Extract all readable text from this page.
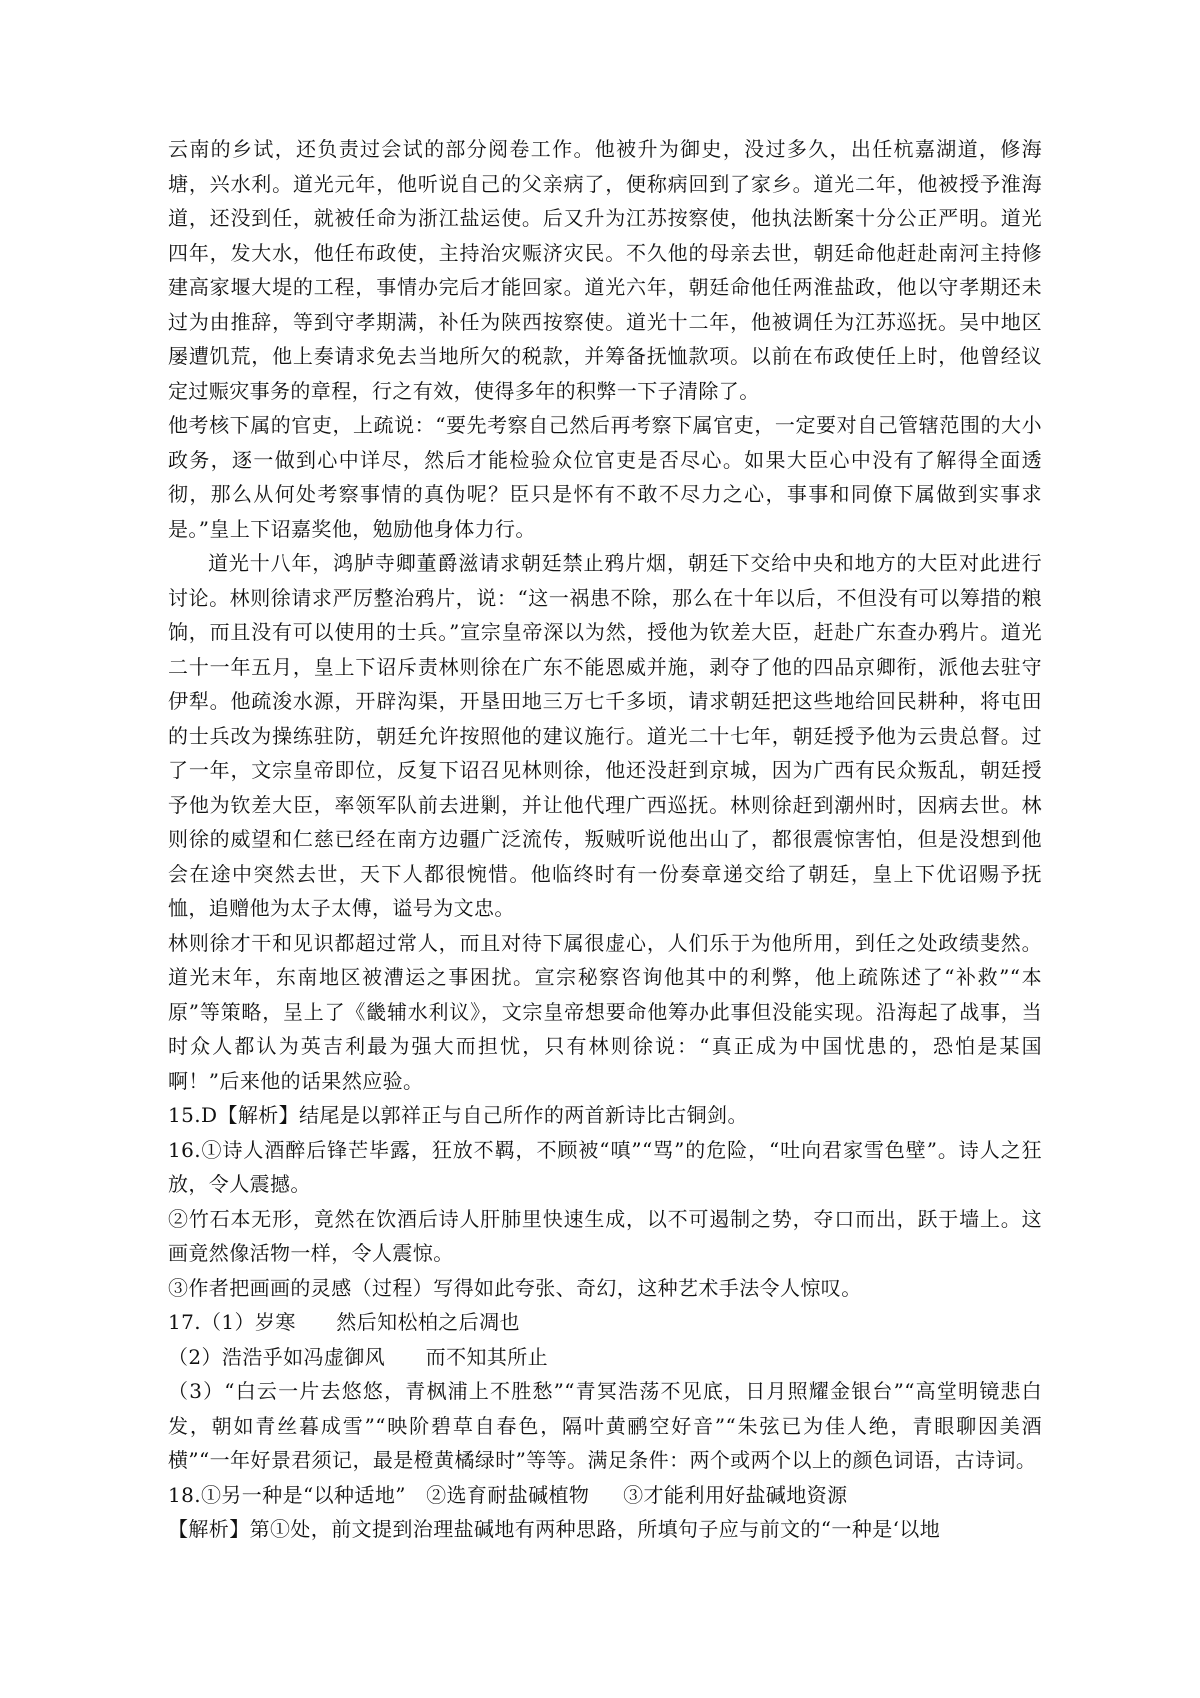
云南的乡试，还负责过会试的部分阅卷工作。他被升为御史，没过多久，出任杭嘉湖道，修海塘，兴水利。道光元年，他听说自己的父亲病了，便称病回到了家乡。道光二年，他被授予淮海道，还没到任，就被任命为浙江盐运使。后又升为江苏按察使，他执法断案十分公正严明。道光四年，发大水，他任布政使，主持治灾赈济灾民。不久他的母亲去世，朝廷命他赶赴南河主持修建高家堰大堤的工程，事情办完后才能回家。道光六年，朝廷命他任两淮盐政，他以守孝期还未过为由推辞，等到守孝期满，补任为陕西按察使。道光十二年，他被调任为江苏巡抚。吴中地区屡遭饥荒，他上奏请求免去当地所欠的税款，并筹备抚恤款项。以前在布政使任上时，他曾经议定过赈灾事务的章程，行之有效，使得多年的积弊一下子清除了。

他考核下属的官吏，上疏说：“要先考察自己然后再考察下属官吏，一定要对自己管辖范围的大小政务，逐一做到心中详尽，然后才能检验众位官吏是否尽心。如果大臣心中没有了解得全面透彻，那么从何处考察事情的真伪呢？臣只是怀有不敢不尽力之心，事事和同僚下属做到实事求是。”皇上下诏嘉奖他，勉励他身体力行。

道光十八年，鸿胪寺卿董爵滋请求朝廷禁止鸦片烟，朝廷下交给中央和地方的大臣对此进行讨论。林则徐请求严厉整治鸦片，说：“这一祸患不除，那么在十年以后，不但没有可以筹措的粮饷，而且没有可以使用的士兵。”宣宗皇帝深以为然，授他为钦差大臣，赶赴广东查办鸦片。道光二十一年五月，皇上下诏斥责林则徐在广东不能恩威并施，剥夺了他的四品京卿衔，派他去驻守伊犁。他疏浚水源，开辟沟渠，开垦田地三万七千多顷，请求朝廷把这些地给回民耕种，将屯田的士兵改为操练驻防，朝廷允许按照他的建议施行。道光二十七年，朝廷授予他为云贵总督。过了一年，文宗皇帝即位，反复下诏召见林则徐，他还没赶到京城，因为广西有民众叛乱，朝廷授予他为钦差大臣，率领军队前去进剿，并让他代理广西巡抚。林则徐赶到潮州时，因病去世。林则徐的威望和仁慈已经在南方边疆广泛流传，叛贼听说他出山了，都很震惊害怕，但是没想到他会在途中突然去世，天下人都很惋惜。他临终时有一份奏章递交给了朝廷，皇上下优诏赐予抚恤，追赠他为太子太傅，谥号为文忠。

林则徐才干和见识都超过常人，而且对待下属很虚心，人们乐于为他所用，到任之处政绩斐然。道光末年，东南地区被漕运之事困扰。宣宗秘察咨询他其中的利弊，他上疏陈述了“补救”“本原”等策略，呈上了《畿辅水利议》，文宗皇帝想要命他筹办此事但没能实现。沿海起了战事，当时众人都认为英吉利最为强大而担忧，只有林则徐说：“真正成为中国忧患的，恐怕是某国啊！”后来他的话果然应验。

15.D【解析】结尾是以郭祥正与自己所作的两首新诗比古铜剑。

16.①诗人酒醉后锋芒毕露，狂放不羁，不顾被“嗔”“骂”的危险，“吐向君家雪色壁”。诗人之狂放，令人震撼。

②竹石本无形，竟然在饮酒后诗人肝肺里快速生成，以不可遏制之势，夺口而出，跃于墙上。这画竟然像活物一样，令人震惊。

③作者把画画的灵感（过程）写得如此夸张、奇幻，这种艺术手法令人惊叹。

17.（1）岁寒      然后知松柏之后凋也

（2）浩浩乎如冯虚御风      而不知其所止

（3）“白云一片去悠悠，青枫浦上不胜愁”“青冥浩荡不见底，日月照耀金银台”“高堂明镜悲白发，朝如青丝暮成雪”“映阶碧草自春色，隔叶黄鹂空好音”“朱弦已为佳人绝，青眼聊因美酒横”“一年好景君须记，最是橙黄橘绿时”等等。满足条件：两个或两个以上的颜色词语，古诗词。

18.①另一种是“以种适地”   ②选育耐盐碱植物     ③才能利用好盐碱地资源

【解析】第①处，前文提到治理盐碱地有两种思路，所填句子应与前文的“一种是‘以地
